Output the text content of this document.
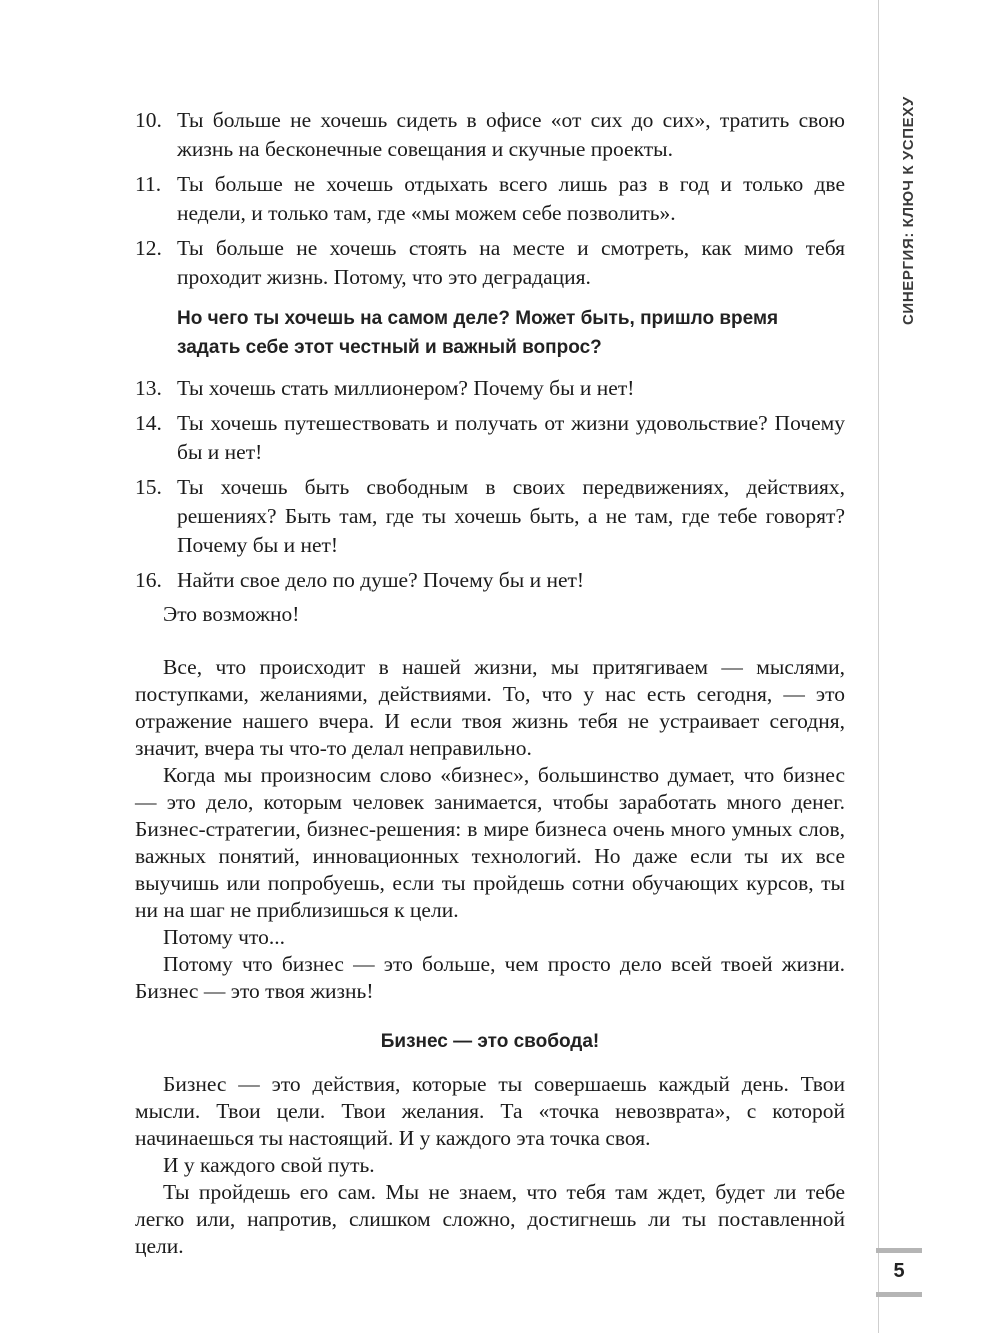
СИНЕРГИЯ: КЛЮЧ К УСПЕХУ
5
10. Ты больше не хочешь сидеть в офисе «от сих до сих», тратить свою жизнь на бесконечные совещания и скучные проекты.
11. Ты больше не хочешь отдыхать всего лишь раз в год и только две недели, и только там, где «мы можем себе позволить».
12. Ты больше не хочешь стоять на месте и смотреть, как мимо тебя проходит жизнь. Потому, что это деградация.
Но чего ты хочешь на самом деле? Может быть, пришло время задать себе этот честный и важный вопрос?
13. Ты хочешь стать миллионером? Почему бы и нет!
14. Ты хочешь путешествовать и получать от жизни удовольствие? Почему бы и нет!
15. Ты хочешь быть свободным в своих передвижениях, действиях, решениях? Быть там, где ты хочешь быть, а не там, где тебе говорят? Почему бы и нет!
16. Найти свое дело по душе? Почему бы и нет!

Это возможно!

Все, что происходит в нашей жизни, мы притягиваем — мыслями, поступками, желаниями, действиями. То, что у нас есть сегодня, — это отражение нашего вчера. И если твоя жизнь тебя не устраивает сегодня, значит, вчера ты что-то делал неправильно.

Когда мы произносим слово «бизнес», большинство думает, что бизнес — это дело, которым человек занимается, чтобы заработать много денег. Бизнес-стратегии, бизнес-решения: в мире бизнеса очень много умных слов, важных понятий, инновационных технологий. Но даже если ты их все выучишь или попробуешь, если ты пройдешь сотни обучающих курсов, ты ни на шаг не приблизишься к цели.

Потому что...

Потому что бизнес — это больше, чем просто дело всей твоей жизни. Бизнес — это твоя жизнь!

Бизнес — это свобода!

Бизнес — это действия, которые ты совершаешь каждый день. Твои мысли. Твои цели. Твои желания. Та «точка невозврата», с которой начинаешься ты настоящий. И у каждого эта точка своя.

И у каждого свой путь.

Ты пройдешь его сам. Мы не знаем, что тебя там ждет, будет ли тебе легко или, напротив, слишком сложно, достигнешь ли ты поставленной цели.
